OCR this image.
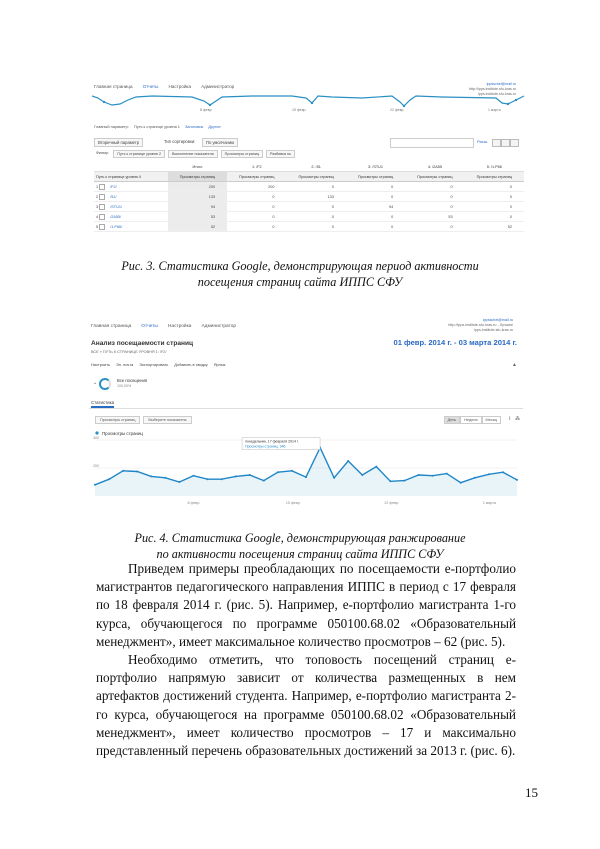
Главная страница Отчеты Настройка Администратор	ippsschel@mail.ru
http://ipps.institute.sfu-kras.ru
ipps.institute.sfu-kras.ru
8 февр.	15 февр.	22 февр.	1 марта
Главный параметр: Путь к странице уровня 1 Заголовок Другое
Вторичный параметр	Тип сортировки:	По умолчанию	Расш.
Фильтр	Путь к странице уровня 2	Выполнение показателя	Просмотры страниц	Разбивка по
	Итого	1: /F2	2: /51	3: /STU1	4: /2A55	5: /1.P66
Путь к странице уровня 4	Просмотры страниц	Просмотры страниц	Просмотры страниц	Просмотры страниц	Просмотры страниц	Просмотры страниц
1 /F2/	200	200	0	0	0	0
2 /51/	133	0	133	0	0	0
3 /STU1/	94	0	0	94	0	0
4 /2A55/	53	0	0	0	53	0
5 /1.P66/	52	0	0	0	0	52
Рис. 3. Статистика Google, демонстрирующая период активности
посещения страниц сайта ИППС СФУ
Главная страница Отчеты Настройка Администратор
ippsschel@mail.ru
http://ipps.institute.sfu-kras.ru - Лучшее
ipps.institute.sfu-kras.ru
Анализ посещаемости страниц	01 февр. 2014 г. - 03 марта 2014 г.
ВСЕ » ПУТЬ К СТРАНИЦЕ УРОВНЯ 1: /F2/
Настроить Эл. почта Экспортировать Добавить в сводку Ярлык	▲
⌄	Все посещения
100,00%
Статистика
Просмотры страниц	Выберите показатель	День	Неделя	Месяц	⌇ ⁂
Просмотры страниц
400
200
понедельник, 17 февраля 2014 г.
Просмотры страниц: 346
8 февр.	15 февр.	22 февр.	1 марта
Рис. 4. Статистика Google, демонстрирующая ранжирование
по активности посещения страниц сайта ИППС СФУ

Приведем примеры преобладающих по посещаемости е-портфолио магистрантов педагогического направления ИППС в период с 17 февраля по 18 февраля 2014 г. (рис. 5). Например, е-портфолио магистранта 1-го курса, обучающегося по программе 050100.68.02 «Образовательный менеджмент», имеет максимальное количество просмотров – 62 (рис. 5).

Необходимо отметить, что топовость посещений страниц е-портфолио напрямую зависит от количества размещенных в нем артефактов достижений студента. Например, е-портфолио магистранта 2-го курса, обучающегося на программе 050100.68.02 «Образовательный менеджмент», имеет количество просмотров – 17 и максимально представленный перечень образовательных достижений за 2013 г. (рис. 6).

15
